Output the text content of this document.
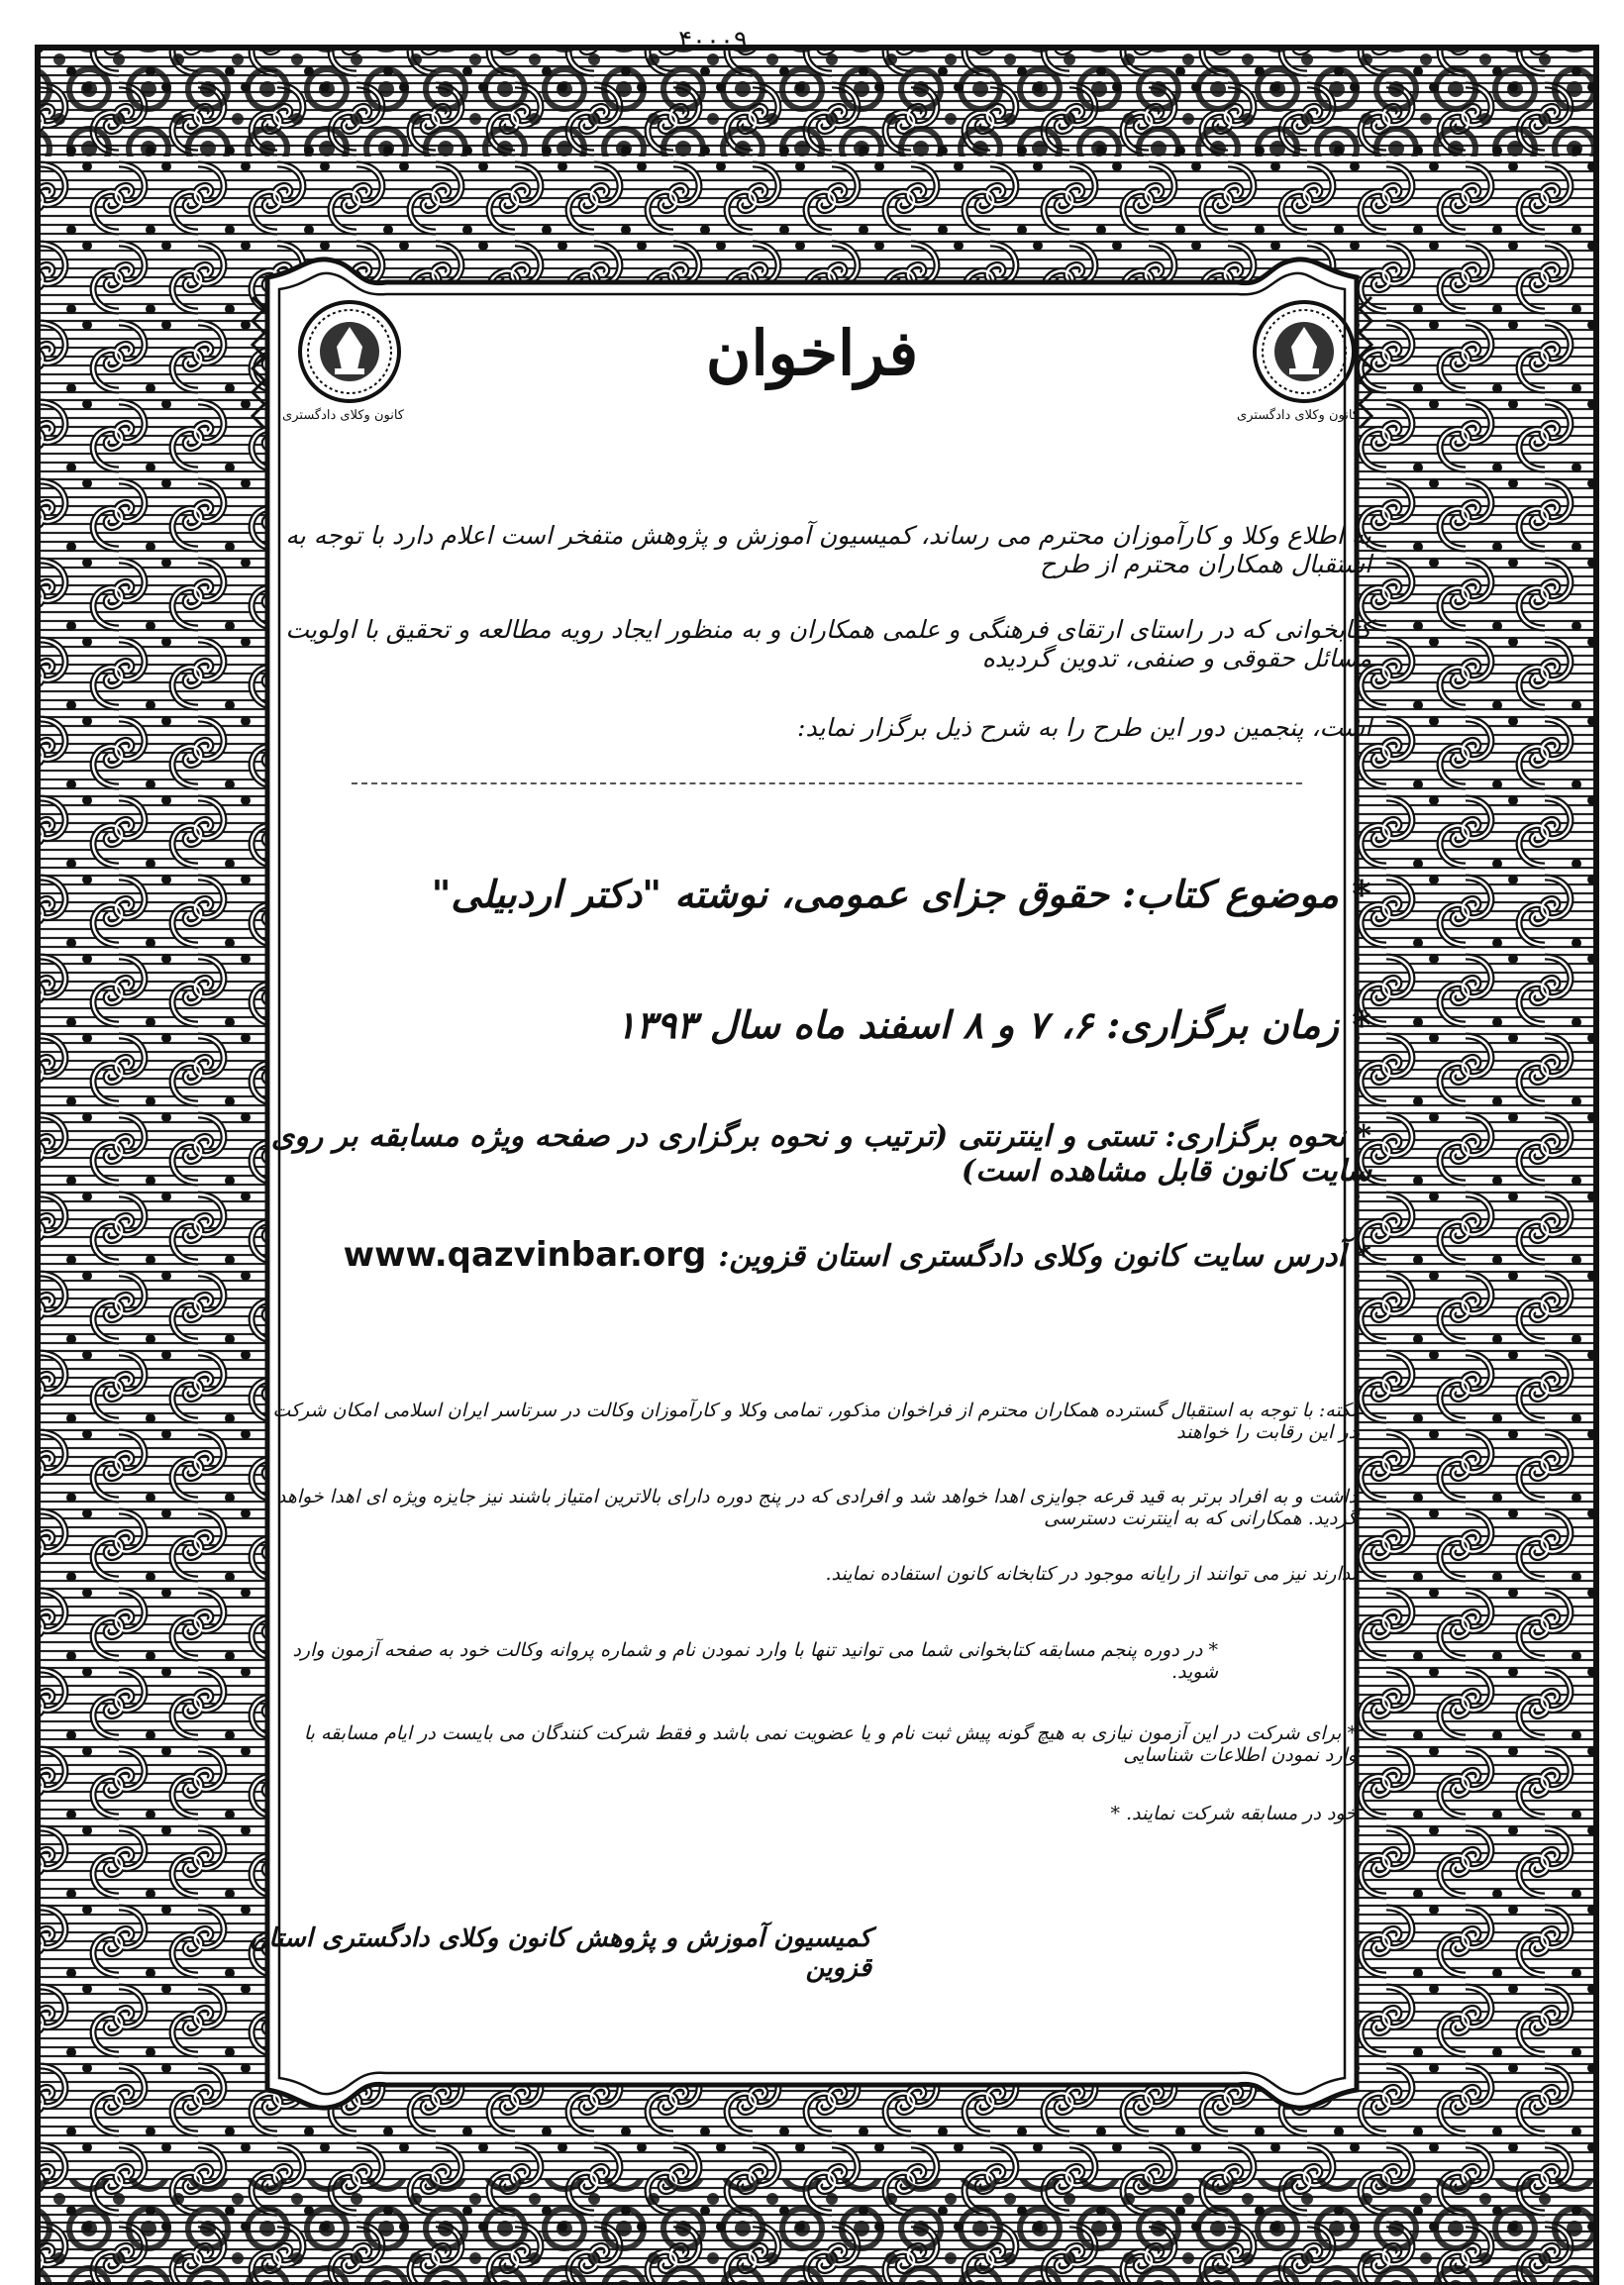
۴۰۰۰۹
کانون وکلای دادگستری	کانون وکلای دادگستری
فراخوان
به اطلاع وکلا و کارآموزان محترم می رساند، کمیسیون آموزش و پژوهش متفخر است اعلام دارد با توجه به استقبال همکاران محترم از طرح
کتابخوانی که در راستای ارتقای فرهنگی و علمی همکاران و به منظور ایجاد رویه مطالعه و تحقیق با اولویت مسائل حقوقی و صنفی، تدوین گردیده
است، پنجمین دور این طرح را به شرح ذیل برگزار نماید:
* موضوع کتاب: حقوق جزای عمومی، نوشته "دکتر اردبیلی"
* زمان برگزاری: ۶، ۷ و ۸ اسفند ماه سال ۱۳۹۳
* نحوه برگزاری: تستی و اینترنتی (ترتیب و نحوه برگزاری در صفحه ویژه مسابقه بر روی سایت کانون قابل مشاهده است)
* آدرس سایت کانون وکلای دادگستری استان قزوین:www.qazvinbar.org
نکته: با توجه به استقبال گسترده همکاران محترم از فراخوان مذکور، تمامی وکلا و کارآموزان وکالت در سرتاسر ایران اسلامی امکان شرکت در این رقابت را خواهند
داشت و به افراد برتر به قید قرعه جوایزی اهدا خواهد شد و افرادی که در پنج دوره دارای بالاترین امتیاز باشند نیز جایزه ویژه ای اهدا خواهد گردید. همکارانی که به اینترنت دسترسی
ندارند نیز می توانند از رایانه موجود در کتابخانه کانون استفاده نمایند.
* در دوره پنجم مسابقه کتابخوانی شما می توانید تنها با وارد نمودن نام و شماره پروانه وکالت خود به صفحه آزمون وارد شوید.
* برای شرکت در این آزمون نیازی به هیچ گونه پیش ثبت نام و یا عضویت نمی باشد و فقط شرکت کنندگان می بایست در ایام مسابقه با وارد نمودن اطلاعات شناسایی
خود در مسابقه شرکت نمایند. *
کمیسیون آموزش و پژوهش کانون وکلای دادگستری استان قزوین
